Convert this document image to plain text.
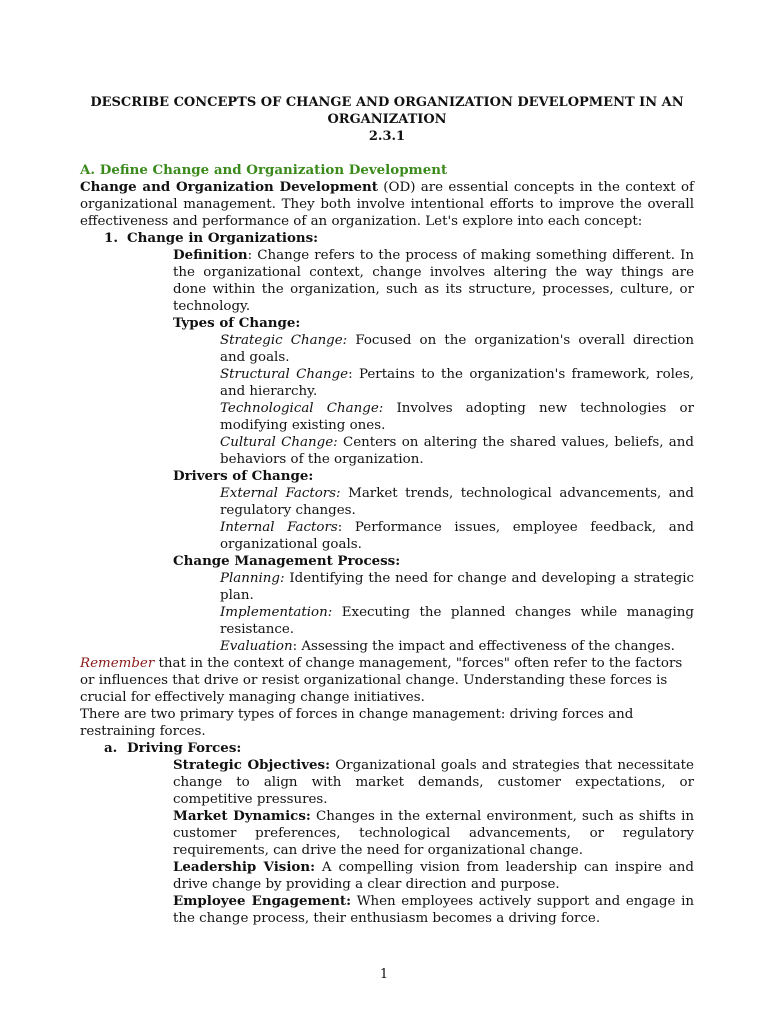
DESCRIBE CONCEPTS OF CHANGE AND ORGANIZATION DEVELOPMENT IN AN
ORGANIZATION
2.3.1
A. Define Change and Organization Development
Change and Organization Development (OD) are essential concepts in the context of organizational management. They both involve intentional efforts to improve the overall effectiveness and performance of an organization. Let's explore into each concept:
1. Change in Organizations:
Definition: Change refers to the process of making something different. In the organizational context, change involves altering the way things are done within the organization, such as its structure, processes, culture, or technology.
Types of Change:
Strategic Change: Focused on the organization's overall direction and goals.
Structural Change: Pertains to the organization's framework, roles, and hierarchy.
Technological Change: Involves adopting new technologies or modifying existing ones.
Cultural Change: Centers on altering the shared values, beliefs, and behaviors of the organization.
Drivers of Change:
External Factors: Market trends, technological advancements, and regulatory changes.
Internal Factors: Performance issues, employee feedback, and organizational goals.
Change Management Process:
Planning: Identifying the need for change and developing a strategic plan.
Implementation: Executing the planned changes while managing resistance.
Evaluation: Assessing the impact and effectiveness of the changes.
Remember that in the context of change management, "forces" often refer to the factors or influences that drive or resist organizational change. Understanding these forces is crucial for effectively managing change initiatives.
There are two primary types of forces in change management: driving forces and restraining forces.
a. Driving Forces:
Strategic Objectives: Organizational goals and strategies that necessitate change to align with market demands, customer expectations, or competitive pressures.
Market Dynamics: Changes in the external environment, such as shifts in customer preferences, technological advancements, or regulatory requirements, can drive the need for organizational change.
Leadership Vision: A compelling vision from leadership can inspire and drive change by providing a clear direction and purpose.
Employee Engagement: When employees actively support and engage in the change process, their enthusiasm becomes a driving force.
1
